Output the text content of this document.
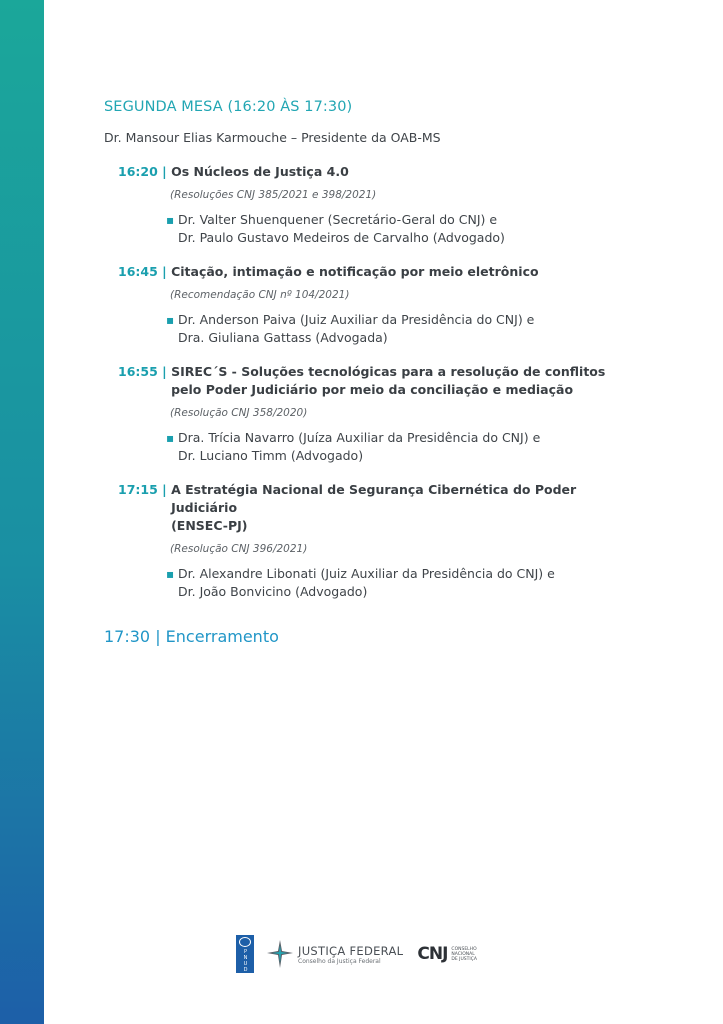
SEGUNDA MESA (16:20 ÀS 17:30)
Dr. Mansour Elias Karmouche – Presidente da OAB-MS
16:20 |
Os Núcleos de Justiça 4.0
(Resoluções CNJ 385/2021 e 398/2021)
▪ Dr. Valter Shuenquener (Secretário-Geral do CNJ) e
Dr. Paulo Gustavo Medeiros de Carvalho (Advogado)
16:45 |
Citação, intimação e notificação por meio eletrônico
(Recomendação CNJ nº 104/2021)
▪ Dr. Anderson Paiva (Juiz Auxiliar da Presidência do CNJ) e
Dra. Giuliana Gattass (Advogada)
16:55 |
SIREC´S - Soluções tecnológicas para a resolução de conflitos
pelo Poder Judiciário por meio da conciliação e mediação
(Resolução CNJ 358/2020)
▪ Dra. Trícia Navarro (Juíza Auxiliar da Presidência do CNJ) e
Dr. Luciano Timm (Advogado)
17:15 |
A Estratégia Nacional de Segurança Cibernética do Poder Judiciário
(ENSEC-PJ)
(Resolução CNJ 396/2021)
▪ Dr. Alexandre Libonati (Juiz Auxiliar da Presidência do CNJ) e
Dr. João Bonvicino (Advogado)
17:30 | Encerramento
PNUD	JUSTIÇA FEDERAL
Conselho da Justiça Federal	CNJ CONSELHO
NACIONAL
DE JUSTIÇA
